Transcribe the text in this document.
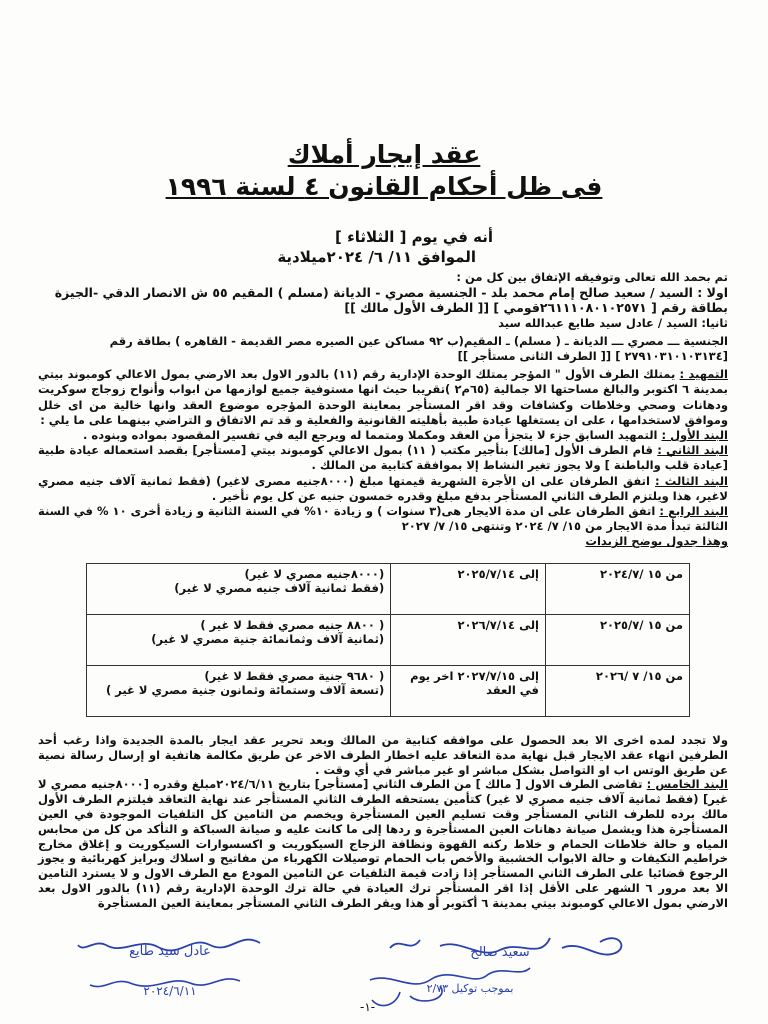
عقد إيجار أملاك
فى ظل أحكام القانون ٤ لسنة ١٩٩٦
أنه في يوم [ الثلاثاء ]
الموافق ١١/ ٦/ ٢٠٢٤ميلادية

تم بحمد الله تعالى وتوفيقه الإتفاق بين كل من :

اولا : السيد / سعيد صالح إمام محمد بلد - الجنسية مصري - الديانة (مسلم ) المقيم ٥٥ ش الانصار الدقي -الجيزة

بطاقة رقم [ ٢٦١١١٠٨٠١٠٢٥٧١قومي ] [[ الطرف الأول مالك ]]

ثانيا: السيد / عادل سيد طايع عبدالله سيد

الجنسية ـــ مصري ـــ الديانة ـ ( مسلم) ـ المقيم(ب ٩٢ مساكن عين الصيره مصر القديمة - القاهره ) بطاقة رقم

[٢٧٩١٠٣١٠١٠٣١٣٤ ] [[ الطرف الثانى مستأجر ]]

التمهيد : يمتلك الطرف الأول " المؤجر يمتلك الوحدة الإدارية رقم (١١) بالدور الاول بعد الارضي بمول الاعالي كومبوند بيتي بمدينة ٦ اكتوبر والبالغ مساحتها الا جمالية (٦٥م٢ )تقريبا حيث انها مستوفية جميع لوازمها من ابواب وأنواح زوجاج سوكريت ودهانات وصحي وخلاطات وكشافات وقد اقر المستأجر بمعاينة الوحدة المؤجره موضوع العقد وانها خالية من اى خلل وموافق لاستخدامها ، على ان يستغلها عيادة طبية بأهليته القانونية والفعلية و قد تم الاتفاق و التراضي بينهما على ما يلي :

البند الأول : التمهيد السابق جزء لا يتجزأ من العقد ومكملا ومتمما له ويرجع اليه في تفسير المقصود بمواده وبنوده .

البند الثاني : قام الطرف الأول [مالك] بتأجير مكتب ( ١١) بمول الاعالي كومبوند بيتي [مستأجر] بقصد استعماله عيادة طبية [عيادة قلب والباطنة ] ولا يجوز تغير النشاط إلا بموافقة كتابية من المالك .

البند الثالث : اتفق الطرفان على ان الأجرة الشهرية قيمتها مبلغ (٨٠٠٠جنيه مصرى لاغير) (فقط ثمانية آلاف جنيه مصري لاغير، هذا ويلتزم الطرف الثاني المستأجر بدفع مبلغ وقدره خمسون جنيه عن كل يوم تأخير .

البند الرابع : اتفق الطرفان على ان مدة الايجار هى(٣ سنوات ) و زيادة ١٠% في السنة الثانية و زيادة أخرى ١٠ % في السنة الثالثة تبدأ مدة الايجار من ١٥/ ٧/ ٢٠٢٤ وتنتهى ١٥/ ٧/ ٢٠٢٧

وهذا جدول يوضح الزيدات

من ١٥ /٢٠٢٤/٧	إلى ٢٠٢٥/٧/١٤	(٨٠٠٠جنيه مصري لا غير)
(فقط ثمانية آلاف جنيه مصري لا غير)

من ١٥ /٢٠٢٥/٧	إلى ٢٠٢٦/٧/١٤	( ٨٨٠٠ جنيه مصري فقط لا غير )
(ثمانية آلاف وثمانمائة جنية مصري لا غير)

من ١٥/ ٧ /٢٠٢٦	إلى ٢٠٢٧/٧/١٥ اخر يوم في العقد	( ٩٦٨٠ جنية مصري فقط لا غير)
(تسعة آلاف وستمائة وثمانون جنية مصري لا غير )

ولا تجدد لمده اخرى الا بعد الحصول على موافقه كتابية من المالك وبعد تحرير عقد ايجار بالمدة الجديدة واذا رغب أحد الطرفين انهاء عقد الايجار قبل نهاية مدة التعاقد عليه اخطار الطرف الاخر عن طريق مكالمة هاتفية او إرسال رسالة نصية عن طريق الوتس اب او التواصل بشكل مباشر او غير مباشر في أي وقت .

البند الخامس : تقاضى الطرف الاول [ مالك ] من الطرف الثاني [مستأجر] بتاريخ ٢٠٢٤/٦/١١مبلغ وقدره [٨٠٠٠جنيه مصري لا غير] (فقط ثمانية آلاف جنيه مصري لا غير) كتأمين يستحقه الطرف الثاني المستأجر عند نهاية التعاقد فيلتزم الطرف الأول مالك برده للطرف الثاني المستأجر وقت تسليم العين المستأجرة ويخصم من التامين كل التلفيات الموجودة في العين المستأجرة هذا ويشمل صيانة دهانات العين المستأجرة و ردها إلى ما كانت عليه و صيانة السباكة و التأكد من كل من محابس المياه و حالة خلاطات الحمام و خلاط ركنه القهوة ونظافة الزجاج السيكوريت و اكسسوارات السيكوريت و إغلاق مخارج خراطيم التكيفات و حالة الابواب الخشبية والأخص باب الحمام توصيلات الكهرباء من مفاتيح و اسلاك وبرايز كهربائية و يجوز الرجوع قضائيا على الطرف الثاني المستأجر إذا زادت قيمة التلفيات عن التامين المودع مع الطرف الاول و لا يسترد التامين الا بعد مرور ٦ الشهر على الأقل إذا اقر المستأجر ترك العيادة في حالة ترك الوحدة الإدارية رقم (١١) بالدور الاول بعد الارضي بمول الاعالي كومبوند بيتي بمدينة ٦ أكتوبر أو هذا ويقر الطرف الثاني المستأجر بمعاينة العين المستأجرة

سعيد صالح
بموجب توكيل ٢/٧٣
عادل سيد طايع
٢٠٢٤/٦/١١
-١-
